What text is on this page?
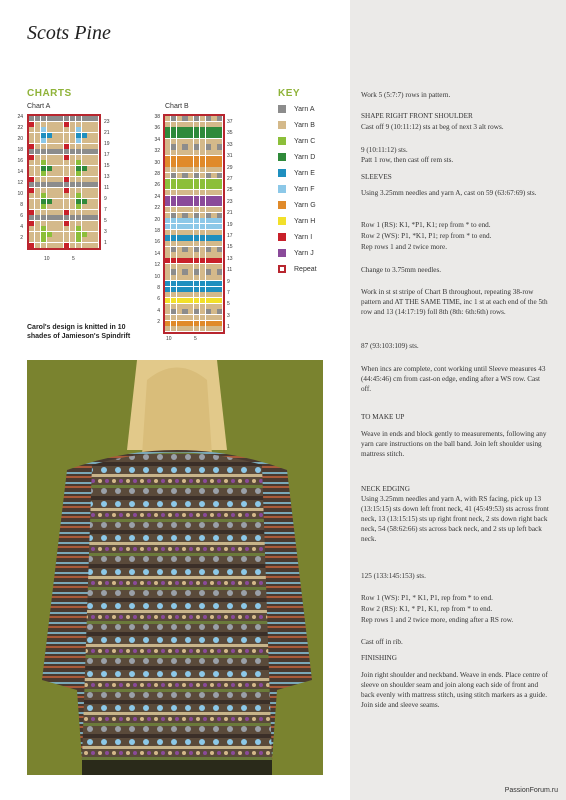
Scots Pine
CHARTS	KEY
Chart A
24
22
20
18
16
14
12
10
8
6
4
2
23
21
19
17
15
13
11
9
7
5
3
1
10	5
Chart B
38
36
34
32
30
28
26
24
22
20
18
16
14
12
10
8
6
4
2
37
35
33
31
29
27
25
23
21
19
17
15
13
11
9
7
5
3
1
10	5
Yarn A
Yarn B
Yarn C
Yarn D
Yarn E
Yarn F
Yarn G
Yarn H
Yarn I
Yarn J
Repeat
Carol's design is knitted in 10 shades of Jamieson's Spindrift
Work 5 (5:7:7) rows in pattern.
SHAPE RIGHT FRONT SHOULDER
Cast off 9 (10:11:12) sts at beg of next 3 alt rows.
9 (10:11:12) sts.
Patt 1 row, then cast off rem sts.
SLEEVES
Using 3.25mm needles and yarn A, cast on 59 (63:67:69) sts.
Row 1 (RS): K1, *P1, K1; rep from * to end.
Row 2 (WS): P1, *K1, P1; rep from * to end.
Rep rows 1 and 2 twice more.
Change to 3.75mm needles.
Work in st st stripe of Chart B throughout, repeating 38-row pattern and AT THE SAME TIME, inc 1 st at each end of the 5th row and 13 (14:17:19) foll 8th (8th: 6th:6th) rows.
87 (93:103:109) sts.
When incs are complete, cont working until Sleeve measures 43 (44:45:46) cm from cast-on edge, ending after a WS row. Cast off.
TO MAKE UP
Weave in ends and block gently to measurements, following any yarn care instructions on the ball band. Join left shoulder using mattress stitch.
NECK EDGING
Using 3.25mm needles and yarn A, with RS facing, pick up 13 (13:15:15) sts down left front neck, 41 (45:49:53) sts across front neck, 13 (13:15:15) sts up right front neck, 2 sts down right back neck, 54 (58:62:66) sts across back neck, and 2 sts up left back neck.
125 (133:145:153) sts.
Row 1 (WS): P1, * K1, P1, rep from * to end.
Row 2 (RS): K1, * P1, K1, rep from * to end.
Rep rows 1 and 2 twice more, ending after a RS row.
Cast off in rib.
FINISHING
Join right shoulder and neckband. Weave in ends. Place centre of sleeve on shoulder seam and join along each side of front and back evenly with mattress stitch, using stitch markers as a guide. Join side and sleeve seams.
PassionForum.ru
